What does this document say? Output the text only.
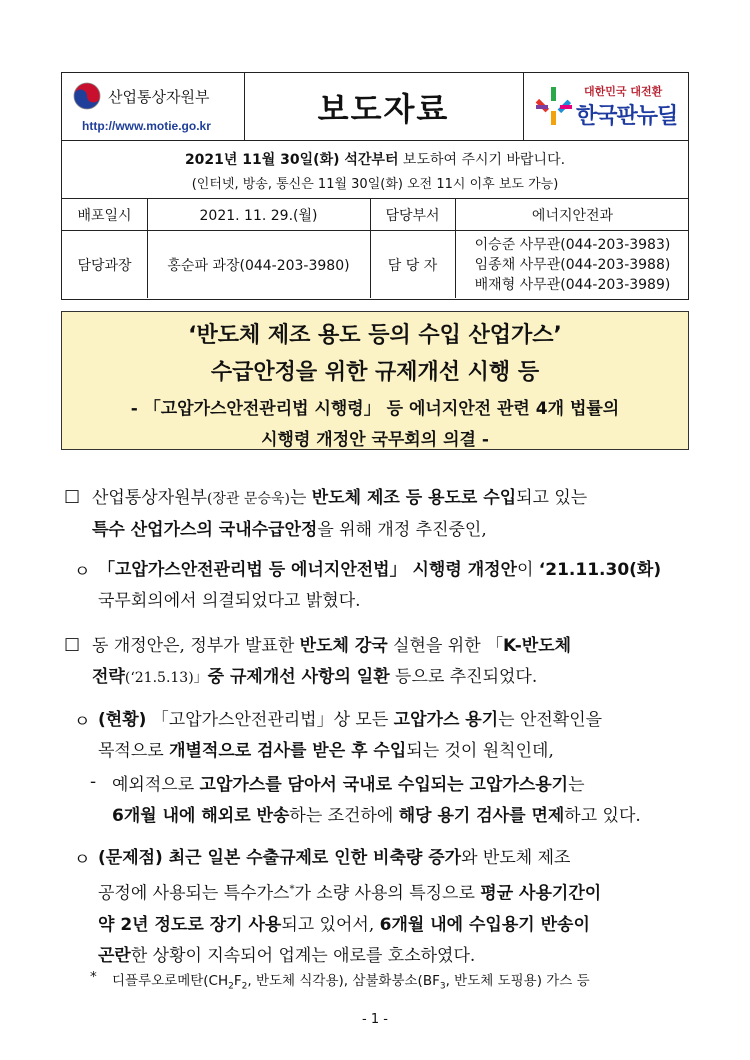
산업통상자원부
http://www.motie.go.kr	보도자료	대한민국 대전환
한국판뉴딜
2021년 11월 30일(화) 석간부터 보도하여 주시기 바랍니다.
(인터넷, 방송, 통신은 11월 30일(화) 오전 11시 이후 보도 가능)
배포일시	2021. 11. 29.(월)	담당부서	에너지안전과
담당과장	홍순파 과장(044-203-3980)	담 당 자
이승준 사무관(044-203-3983)
임종채 사무관(044-203-3988)
배재형 사무관(044-203-3989)
‘반도체 제조 용도 등의 수입 산업가스’
수급안정을 위한 규제개선 시행 등
- 「고압가스안전관리법 시행령」 등 에너지안전 관련 4개 법률의
시행령 개정안 국무회의 의결 -
□ 산업통상자원부(장관 문승욱)는 반도체 제조 등 용도로 수입되고 있는
특수 산업가스의 국내수급안정을 위해 개정 추진중인,
ㅇ 「고압가스안전관리법 등 에너지안전법」 시행령 개정안이 ‘21.11.30(화)
국무회의에서 의결되었다고 밝혔다.
□ 동 개정안은, 정부가 발표한 반도체 강국 실현을 위한 「K-반도체
전략(‘21.5.13)」중 규제개선 사항의 일환 등으로 추진되었다.
ㅇ (현황) 「고압가스안전관리법」상 모든 고압가스 용기는 안전확인을
목적으로 개별적으로 검사를 받은 후 수입되는 것이 원칙인데,
- 예외적으로 고압가스를 담아서 국내로 수입되는 고압가스용기는
6개월 내에 해외로 반송하는 조건하에 해당 용기 검사를 면제하고 있다.
ㅇ (문제점) 최근 일본 수출규제로 인한 비축량 증가와 반도체 제조
공정에 사용되는 특수가스*가 소량 사용의 특징으로 평균 사용기간이
약 2년 정도로 장기 사용되고 있어서, 6개월 내에 수입용기 반송이
곤란한 상황이 지속되어 업계는 애로를 호소하였다.
* 디플루오로메탄($CH_2F_2$, 반도체 식각용), 삼불화붕소($BF_3$, 반도체 도핑용) 가스 등
- 1 -
